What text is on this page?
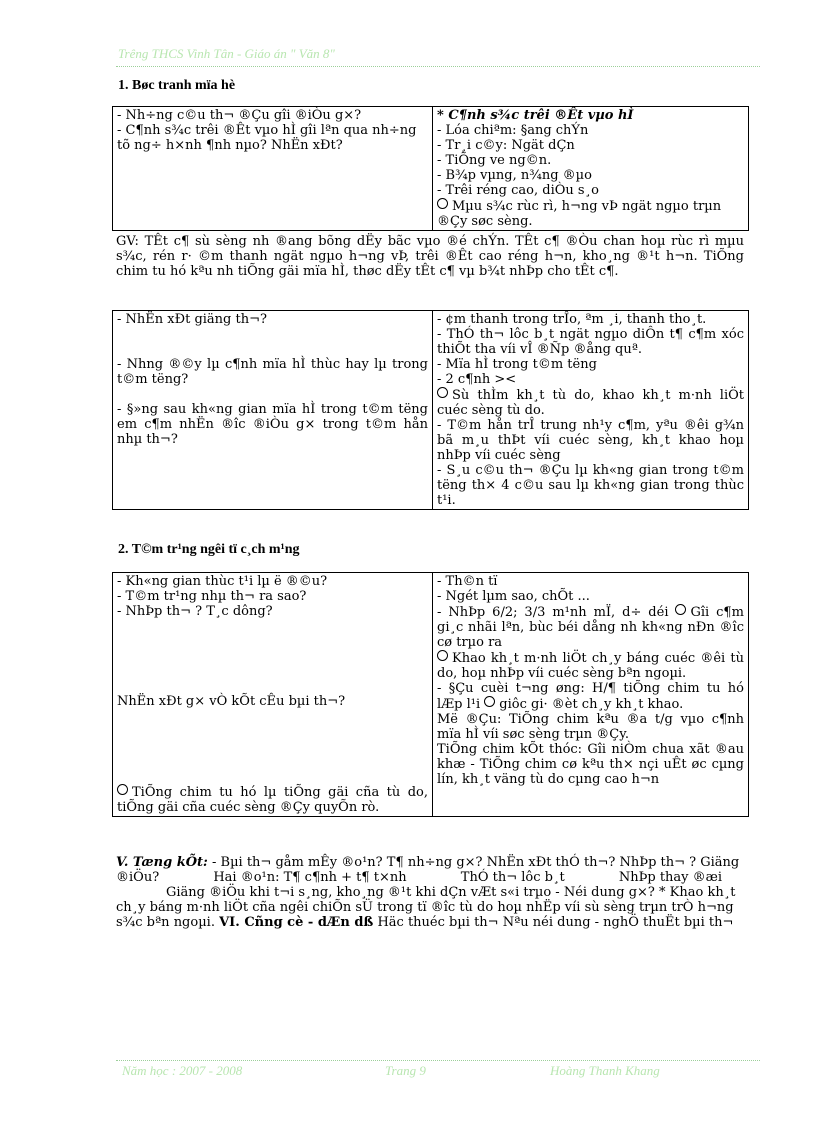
Trêng THCS Vinh Tân - Giáo án " Văn 8"
1. Bøc tranh mïa hè
- Nh÷ng c©u th¬ ®Çu gîi ®iÒu g×?
- C¶nh s¾c trêi ®Êt vµo hÌ gîi lªn qua nh÷ng tõ ng÷ h×nh ¶nh nµo? NhËn xÐt?

* C¶nh s¾c trêi ®Êt vµo hÌ
- Lóa chiªm: §ang chÝn
- Tr¸i c©y: Ngät dÇn
- TiÕng ve ng©n.
- B¾p vµng, n¾ng ®µo
- Trêi réng cao, diÒu s¸o
Mµu s¾c rùc rì, h¬ng vÞ ngät ngµo trµn ®Çy søc sèng.
GV: TÊt c¶ sù sèng nh ®ang bõng dËy bãc vµo ®é chÝn. TÊt c¶ ®Òu chan hoµ rùc rì mµu s¾c, rén r· ©m thanh ngät ngµo h¬ng vÞ, trêi ®Êt cao réng h¬n, kho¸ng ®¹t h¬n. TiÕng chim tu hó kªu nh tiÕng gäi mïa hÌ, thøc dËy tÊt c¶ vµ b¾t nhÞp cho tÊt c¶.
- NhËn xÐt giäng th¬?
- Nhng ®©y lµ c¶nh mïa hÌ thùc hay lµ trong t©m tëng?
- §»ng sau kh«ng gian mïa hÌ trong t©m tëng em c¶m nhËn ®îc ®iÒu g× trong t©m hån nhµ th¬?

- ¢m thanh trong trÎo, ªm ¸i, thanh tho¸t.
- ThÓ th¬ lôc b¸t ngät ngµo diÔn t¶ c¶m xóc thiÕt tha víi vÎ ®Ñp ®ång quª.
- Mïa hÌ trong t©m tëng
- 2 c¶nh ><
Sù thÌm kh¸t tù do, khao kh¸t m·nh liÖt cuéc sèng tù do.
- T©m hån trÎ trung nh¹y c¶m, yªu ®êi g¾n bã m¸u thÞt víi cuéc sèng, kh¸t khao hoµ nhÞp víi cuéc sèng
- S¸u c©u th¬ ®Çu lµ kh«ng gian trong t©m tëng th× 4 c©u sau lµ kh«ng gian trong thùc t¹i.
2. T©m tr¹ng ngêi tï c¸ch m¹ng
- Kh«ng gian thùc t¹i lµ ë ®©u?
- T©m tr¹ng nhµ th¬ ra sao?
- NhÞp th¬ ? T¸c dông?
NhËn xÐt g× vÒ kÕt cÊu bµi th¬?
TiÕng chim tu hó lµ tiÕng gäi cña tù do, tiÕng gäi cña cuéc sèng ®Çy quyÕn rò.

- Th©n tï
- Ngét lµm sao, chÕt ...
- NhÞp 6/2; 3/3 m¹nh mÏ, d÷ déi Gîi c¶m gi¸c nhãi lªn, bùc béi dång nh kh«ng nÐn ®îc cø trµo ra
Khao kh¸t m·nh liÖt ch¸y báng cuéc ®êi tù do, hoµ nhÞp víi cuéc sèng bªn ngoµi.
- §Çu cuèi t¬ng øng: H/¶ tiÕng chim tu hó lÆp l¹i giôc gi· ®èt ch¸y kh¸t khao.
Më ®Çu: TiÕng chim kªu ®a t/g vµo c¶nh mïa hÌ víi søc sèng trµn ®Çy.
TiÕng chim kÕt thóc: Gîi niÒm chua xãt ®au khæ - TiÕng chim cø kªu th× nçi uÊt øc cµng lín, kh¸t väng tù do cµng cao h¬n
V. Tæng kÕt: - Bµi th¬ gåm mÊy ®o¹n? T¶ nh÷ng g×? NhËn xÐt thÓ th¬? NhÞp th¬ ? Giäng ®iÖu?	Hai ®o¹n: T¶ c¶nh + t¶ t×nh	ThÓ th¬ lôc b¸t	NhÞp thay ®æi Giäng ®iÖu khi t¬i s¸ng, kho¸ng ®¹t khi dÇn vÆt s«i trµo - Néi dung g×? * Khao kh¸t ch¸y báng m·nh liÖt cña ngêi chiÕn sÜ trong tï ®îc tù do hoµ nhËp víi sù sèng trµn trÒ h¬ng s¾c bªn ngoµi. VI. Cñng cè - dÆn dß Häc thuéc bµi th¬ Nªu néi dung - nghÖ thuËt bµi th¬
Năm học : 2007 - 2008	Trang 9	Hoàng Thanh Khang
